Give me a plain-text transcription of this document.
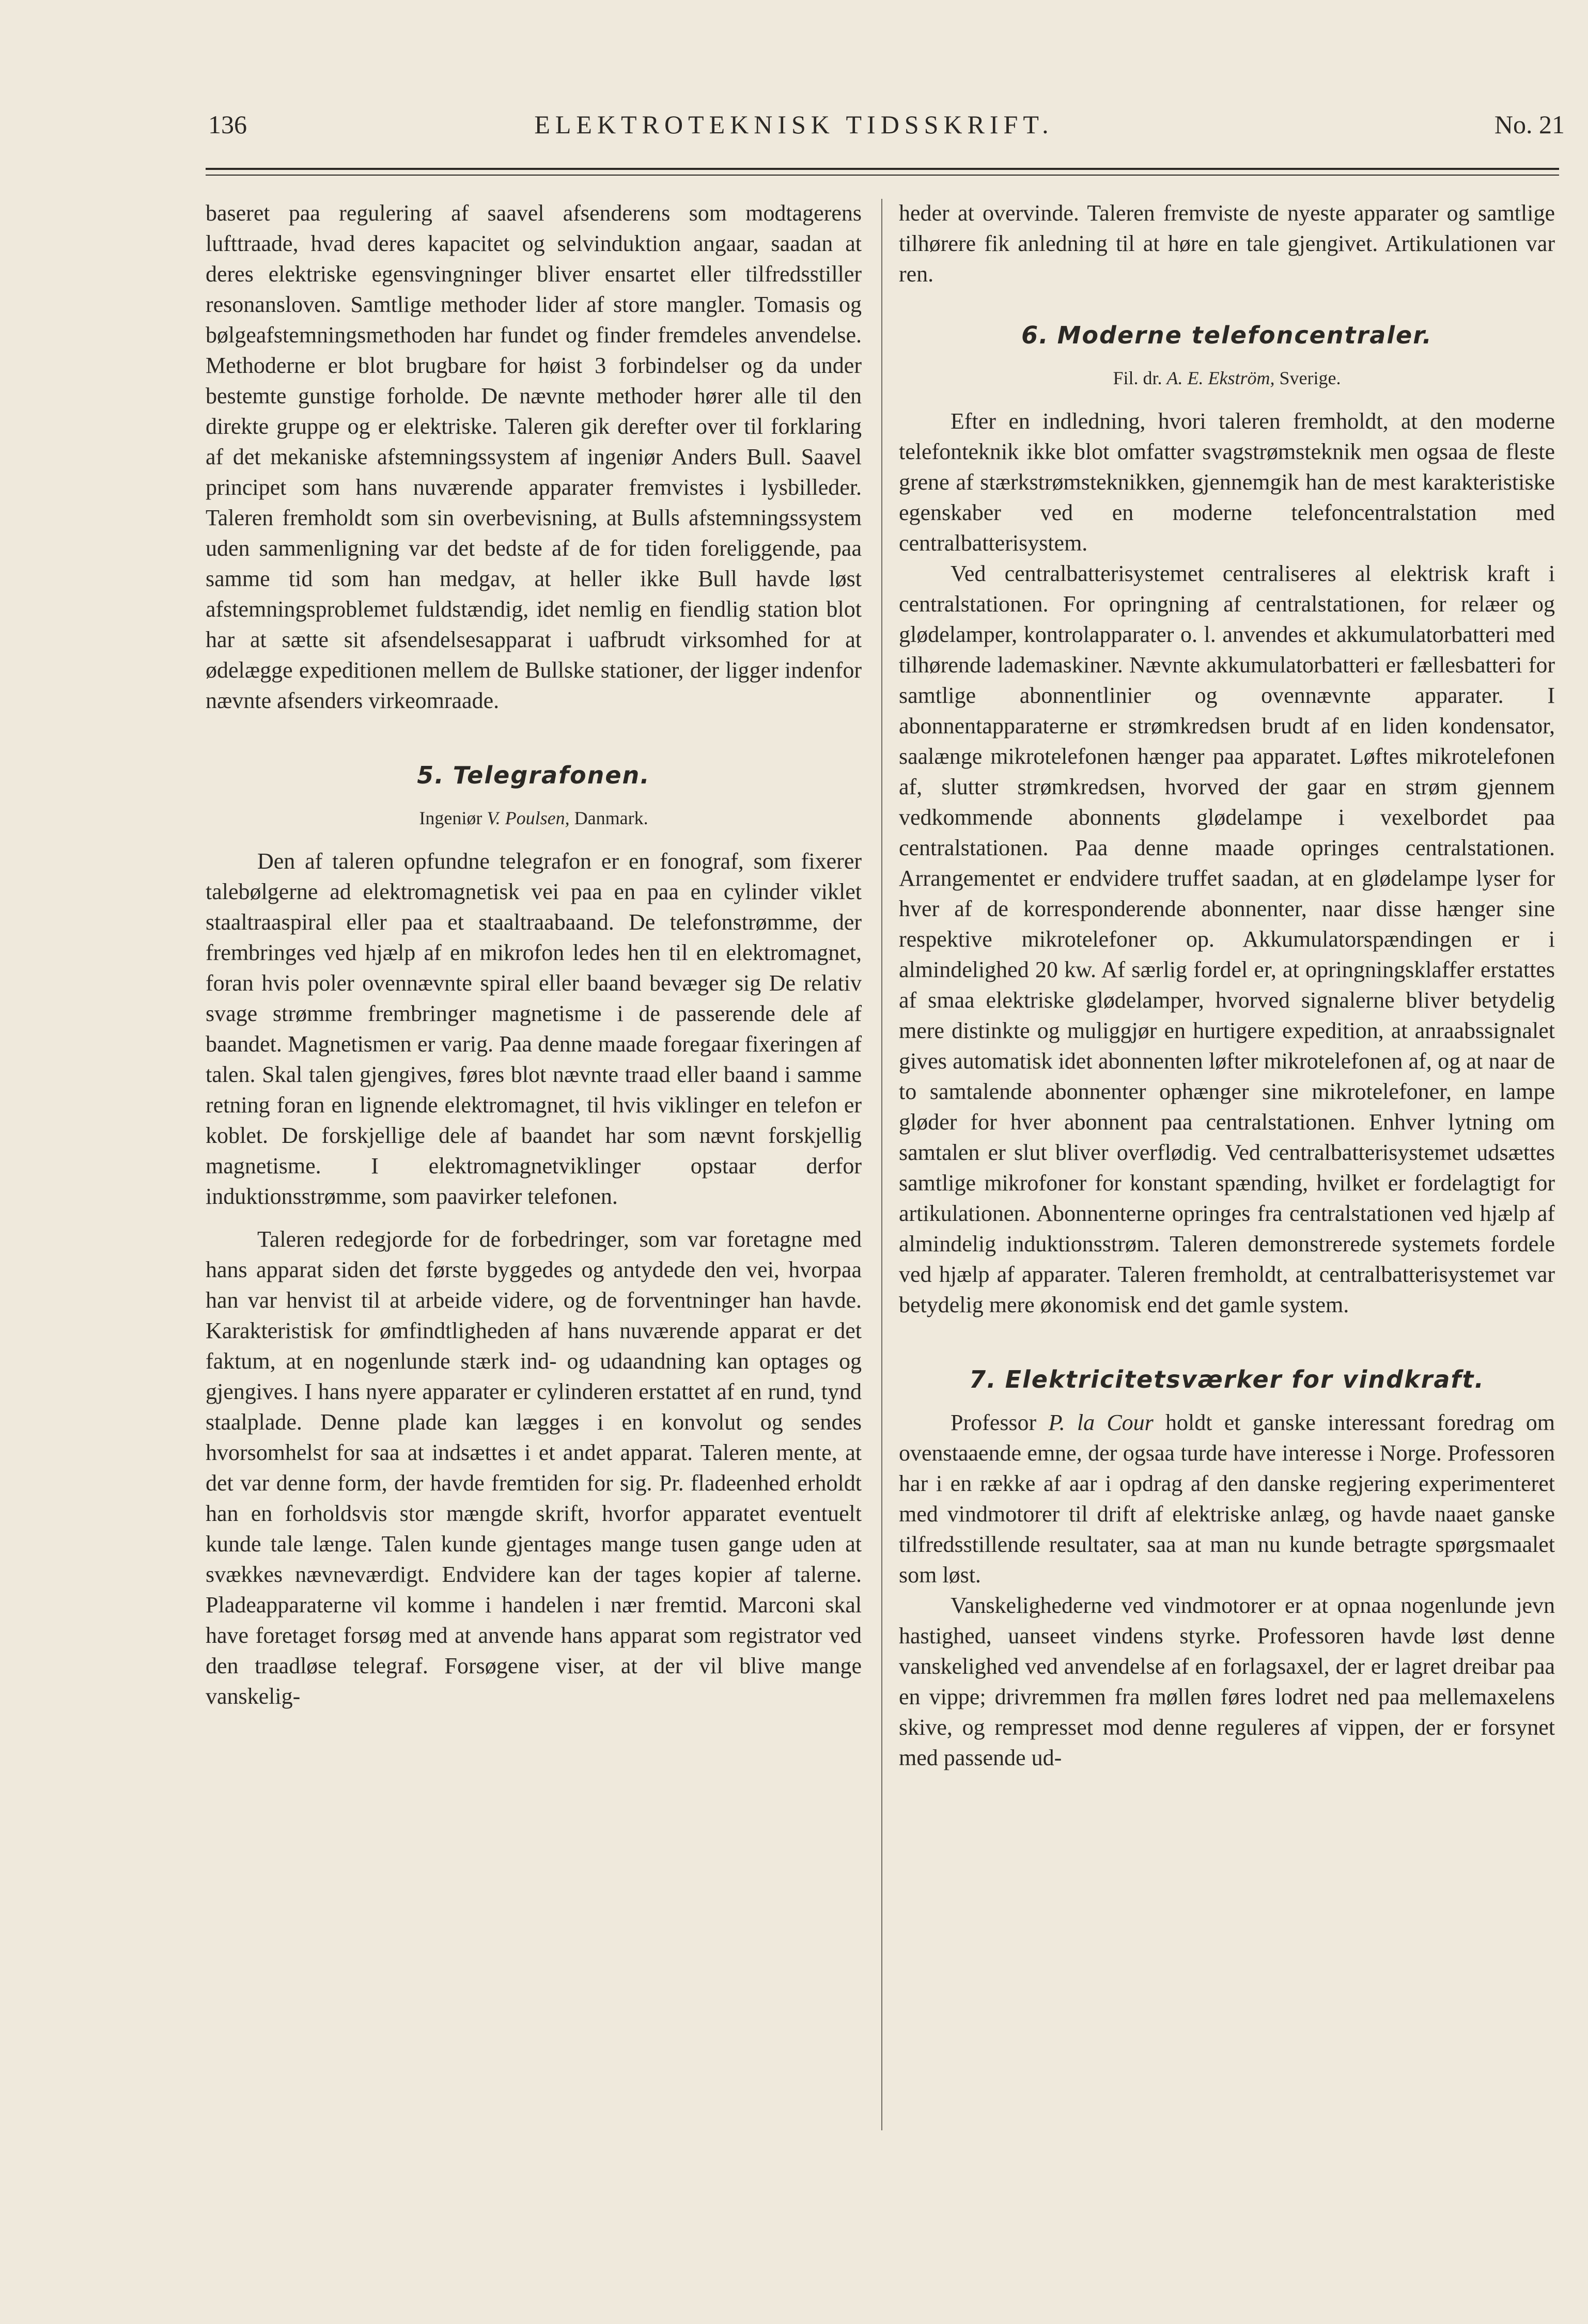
136	ELEKTROTEKNISK TIDSSKRIFT.	No. 21

baseret paa regulering af saavel afsenderens som modtagerens lufttraade, hvad deres kapacitet og selvinduktion angaar, saadan at deres elektriske egensvingninger bliver ensartet eller tilfredsstiller resonansloven. Samtlige methoder lider af store mangler. Tomasis og bølgeafstemningsmethoden har fundet og finder fremdeles anvendelse. Methoderne er blot brugbare for høist 3 forbindelser og da under bestemte gunstige forholde. De nævnte methoder hører alle til den direkte gruppe og er elektriske. Taleren gik derefter over til forklaring af det mekaniske afstemningssystem af ingeniør Anders Bull. Saavel principet som hans nuværende apparater fremvistes i lysbilleder. Taleren fremholdt som sin overbevisning, at Bulls afstemningssystem uden sammenligning var det bedste af de for tiden foreliggende, paa samme tid som han medgav, at heller ikke Bull havde løst afstemningsproblemet fuldstændig, idet nemlig en fiendlig station blot har at sætte sit afsendelsesapparat i uafbrudt virksomhed for at ødelægge expeditionen mellem de Bullske stationer, der ligger indenfor nævnte afsenders virkeomraade.

5. Telegrafonen.

Ingeniør V. Poulsen, Danmark.

Den af taleren opfundne telegrafon er en fonograf, som fixerer talebølgerne ad elektromagnetisk vei paa en paa en cylinder viklet staaltraaspiral eller paa et staaltraabaand. De telefonstrømme, der frembringes ved hjælp af en mikrofon ledes hen til en elektromagnet, foran hvis poler ovennævnte spiral eller baand bevæger sig De relativ svage strømme frembringer magnetisme i de passerende dele af baandet. Magnetismen er varig. Paa denne maade foregaar fixeringen af talen. Skal talen gjengives, føres blot nævnte traad eller baand i samme retning foran en lignende elektromagnet, til hvis viklinger en telefon er koblet. De forskjellige dele af baandet har som nævnt forskjellig magnetisme. I elektromagnetviklinger opstaar derfor induktionsstrømme, som paavirker telefonen.

Taleren redegjorde for de forbedringer, som var foretagne med hans apparat siden det første byggedes og antydede den vei, hvorpaa han var henvist til at arbeide videre, og de forventninger han havde. Karakteristisk for ømfindtligheden af hans nuværende apparat er det faktum, at en nogenlunde stærk ind- og udaandning kan optages og gjengives. I hans nyere apparater er cylinderen erstattet af en rund, tynd staalplade. Denne plade kan lægges i en konvolut og sendes hvorsomhelst for saa at indsættes i et andet apparat. Taleren mente, at det var denne form, der havde fremtiden for sig. Pr. fladeenhed erholdt han en forholdsvis stor mængde skrift, hvorfor apparatet eventuelt kunde tale længe. Talen kunde gjentages mange tusen gange uden at svækkes nævneværdigt. Endvidere kan der tages kopier af talerne. Pladeapparaterne vil komme i handelen i nær fremtid. Marconi skal have foretaget forsøg med at anvende hans apparat som registrator ved den traadløse telegraf. Forsøgene viser, at der vil blive mange vanskelig-

heder at overvinde. Taleren fremviste de nyeste apparater og samtlige tilhørere fik anledning til at høre en tale gjengivet. Artikulationen var ren.

6. Moderne telefoncentraler.

Fil. dr. A. E. Ekström, Sverige.

Efter en indledning, hvori taleren fremholdt, at den moderne telefonteknik ikke blot omfatter svagstrømsteknik men ogsaa de fleste grene af stærkstrømsteknikken, gjennemgik han de mest karakteristiske egenskaber ved en moderne telefoncentralstation med centralbatterisystem.

Ved centralbatterisystemet centraliseres al elektrisk kraft i centralstationen. For opringning af centralstationen, for relæer og glødelamper, kontrolapparater o. l. anvendes et akkumulatorbatteri med tilhørende lademaskiner. Nævnte akkumulatorbatteri er fællesbatteri for samtlige abonnentlinier og ovennævnte apparater. I abonnentapparaterne er strømkredsen brudt af en liden kondensator, saalænge mikrotelefonen hænger paa apparatet. Løftes mikrotelefonen af, slutter strømkredsen, hvorved der gaar en strøm gjennem vedkommende abonnents glødelampe i vexelbordet paa centralstationen. Paa denne maade opringes centralstationen. Arrangementet er endvidere truffet saadan, at en glødelampe lyser for hver af de korresponderende abonnenter, naar disse hænger sine respektive mikrotelefoner op. Akkumulatorspændingen er i almindelighed 20 kw. Af særlig fordel er, at opringningsklaffer erstattes af smaa elektriske glødelamper, hvorved signalerne bliver betydelig mere distinkte og muliggjør en hurtigere expedition, at anraabssignalet gives automatisk idet abonnenten løfter mikrotelefonen af, og at naar de to samtalende abonnenter ophænger sine mikrotelefoner, en lampe gløder for hver abonnent paa centralstationen. Enhver lytning om samtalen er slut bliver overflødig. Ved centralbatterisystemet udsættes samtlige mikrofoner for konstant spænding, hvilket er fordelagtigt for artikulationen. Abonnenterne opringes fra centralstationen ved hjælp af almindelig induktionsstrøm. Taleren demonstrerede systemets fordele ved hjælp af apparater. Taleren fremholdt, at centralbatterisystemet var betydelig mere økonomisk end det gamle system.

7. Elektricitetsværker for vindkraft.

Professor P. la Cour holdt et ganske interessant foredrag om ovenstaaende emne, der ogsaa turde have interesse i Norge. Professoren har i en række af aar i opdrag af den danske regjering experimenteret med vindmotorer til drift af elektriske anlæg, og havde naaet ganske tilfredsstillende resultater, saa at man nu kunde betragte spørgsmaalet som løst.

Vanskelighederne ved vindmotorer er at opnaa nogenlunde jevn hastighed, uanseet vindens styrke. Professoren havde løst denne vanskelighed ved anvendelse af en forlagsaxel, der er lagret dreibar paa en vippe; drivremmen fra møllen føres lodret ned paa mellemaxelens skive, og rempresset mod denne reguleres af vippen, der er forsynet med passende ud-
